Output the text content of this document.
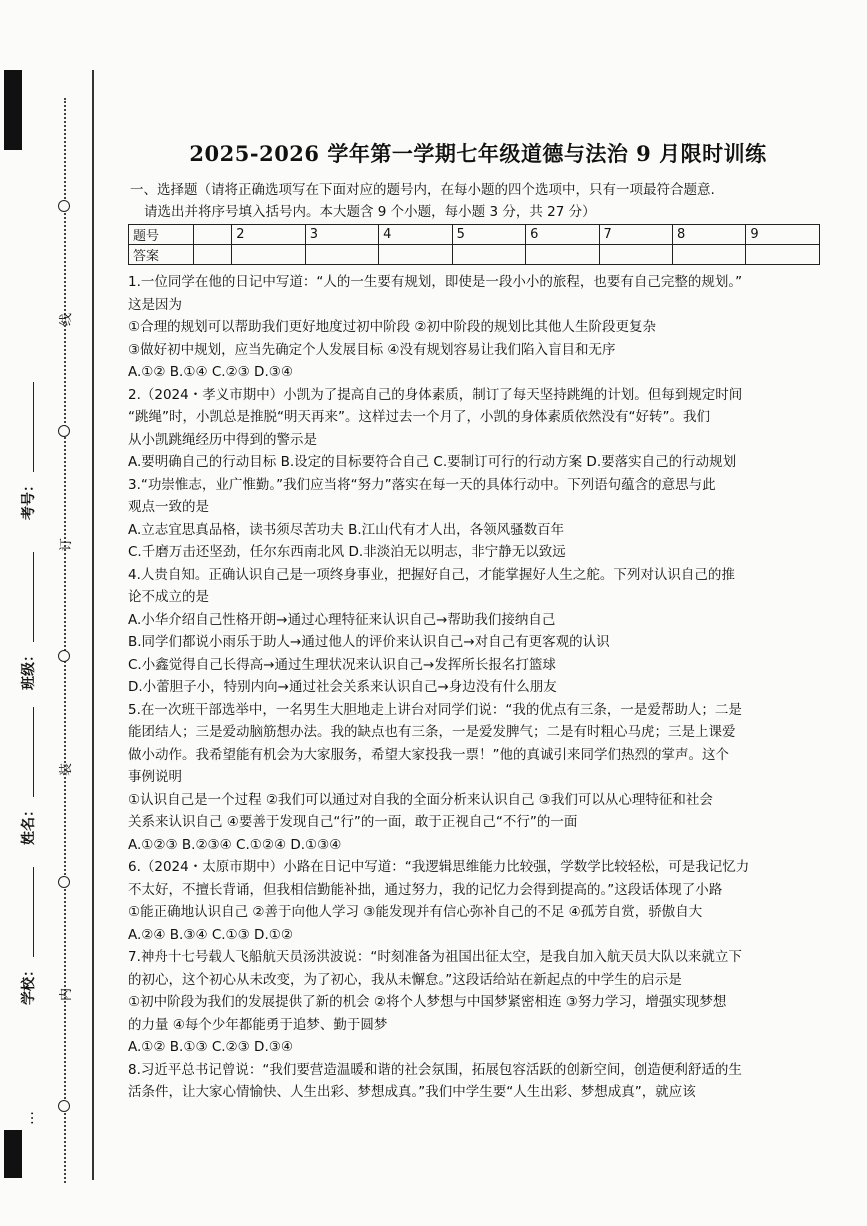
线
订
装
内
考号：
班级：
姓名：
学校：
…
2025-2026 学年第一学期七年级道德与法治 9 月限时训练

一、选择题（请将正确选项写在下面对应的题号内，在每小题的四个选项中，只有一项最符合题意.

请选出并将序号填入括号内。本大题含 9 个小题，每小题 3 分，共 27 分）

题号		2	3	4	5	6	7	8	9
答案									

1.一位同学在他的日记中写道：“人的一生要有规划，即使是一段小小的旅程，也要有自己完整的规划。”

这是因为

①合理的规划可以帮助我们更好地度过初中阶段 ②初中阶段的规划比其他人生阶段更复杂

③做好初中规划，应当先确定个人发展目标 ④没有规划容易让我们陷入盲目和无序

A.①② B.①④ C.②③ D.③④

2.（2024・孝义市期中）小凯为了提高自己的身体素质，制订了每天坚持跳绳的计划。但每到规定时间

“跳绳”时，小凯总是推脱“明天再来”。这样过去一个月了，小凯的身体素质依然没有“好转”。我们

从小凯跳绳经历中得到的警示是

A.要明确自己的行动目标 B.设定的目标要符合自己 C.要制订可行的行动方案 D.要落实自己的行动规划

3.“功崇惟志，业广惟勤。”我们应当将“努力”落实在每一天的具体行动中。下列语句蕴含的意思与此

观点一致的是

A.立志宜思真品格，读书须尽苦功夫 B.江山代有才人出，各领风骚数百年

C.千磨万击还坚劲，任尔东西南北风 D.非淡泊无以明志，非宁静无以致远

4.人贵自知。正确认识自己是一项终身事业，把握好自己，才能掌握好人生之舵。下列对认识自己的推

论不成立的是

A.小华介绍自己性格开朗→通过心理特征来认识自己→帮助我们接纳自己

B.同学们都说小雨乐于助人→通过他人的评价来认识自己→对自己有更客观的认识

C.小鑫觉得自己长得高→通过生理状况来认识自己→发挥所长报名打篮球

D.小蕾胆子小，特别内向→通过社会关系来认识自己→身边没有什么朋友

5.在一次班干部选举中，一名男生大胆地走上讲台对同学们说：“我的优点有三条，一是爱帮助人；二是

能团结人；三是爱动脑筋想办法。我的缺点也有三条，一是爱发脾气；二是有时粗心马虎；三是上课爱

做小动作。我希望能有机会为大家服务，希望大家投我一票！”他的真诚引来同学们热烈的掌声。这个

事例说明

①认识自己是一个过程 ②我们可以通过对自我的全面分析来认识自己 ③我们可以从心理特征和社会

关系来认识自己 ④要善于发现自己“行”的一面，敢于正视自己“不行”的一面

A.①②③ B.②③④ C.①②④ D.①③④

6.（2024・太原市期中）小路在日记中写道：“我逻辑思维能力比较强，学数学比较轻松，可是我记忆力

不太好，不擅长背诵，但我相信勤能补拙，通过努力，我的记忆力会得到提高的。”这段话体现了小路

①能正确地认识自己 ②善于向他人学习 ③能发现并有信心弥补自己的不足 ④孤芳自赏，骄傲自大

A.②④ B.③④ C.①③ D.①②

7.神舟十七号载人飞船航天员汤洪波说：“时刻准备为祖国出征太空，是我自加入航天员大队以来就立下

的初心，这个初心从未改变，为了初心，我从未懈怠。”这段话给站在新起点的中学生的启示是

①初中阶段为我们的发展提供了新的机会 ②将个人梦想与中国梦紧密相连 ③努力学习，增强实现梦想

的力量 ④每个少年都能勇于追梦、勤于圆梦

A.①② B.①③ C.②③ D.③④

8.习近平总书记曾说：“我们要营造温暖和谐的社会氛围，拓展包容活跃的创新空间，创造便利舒适的生

活条件，让大家心情愉快、人生出彩、梦想成真。”我们中学生要“人生出彩、梦想成真”，就应该
